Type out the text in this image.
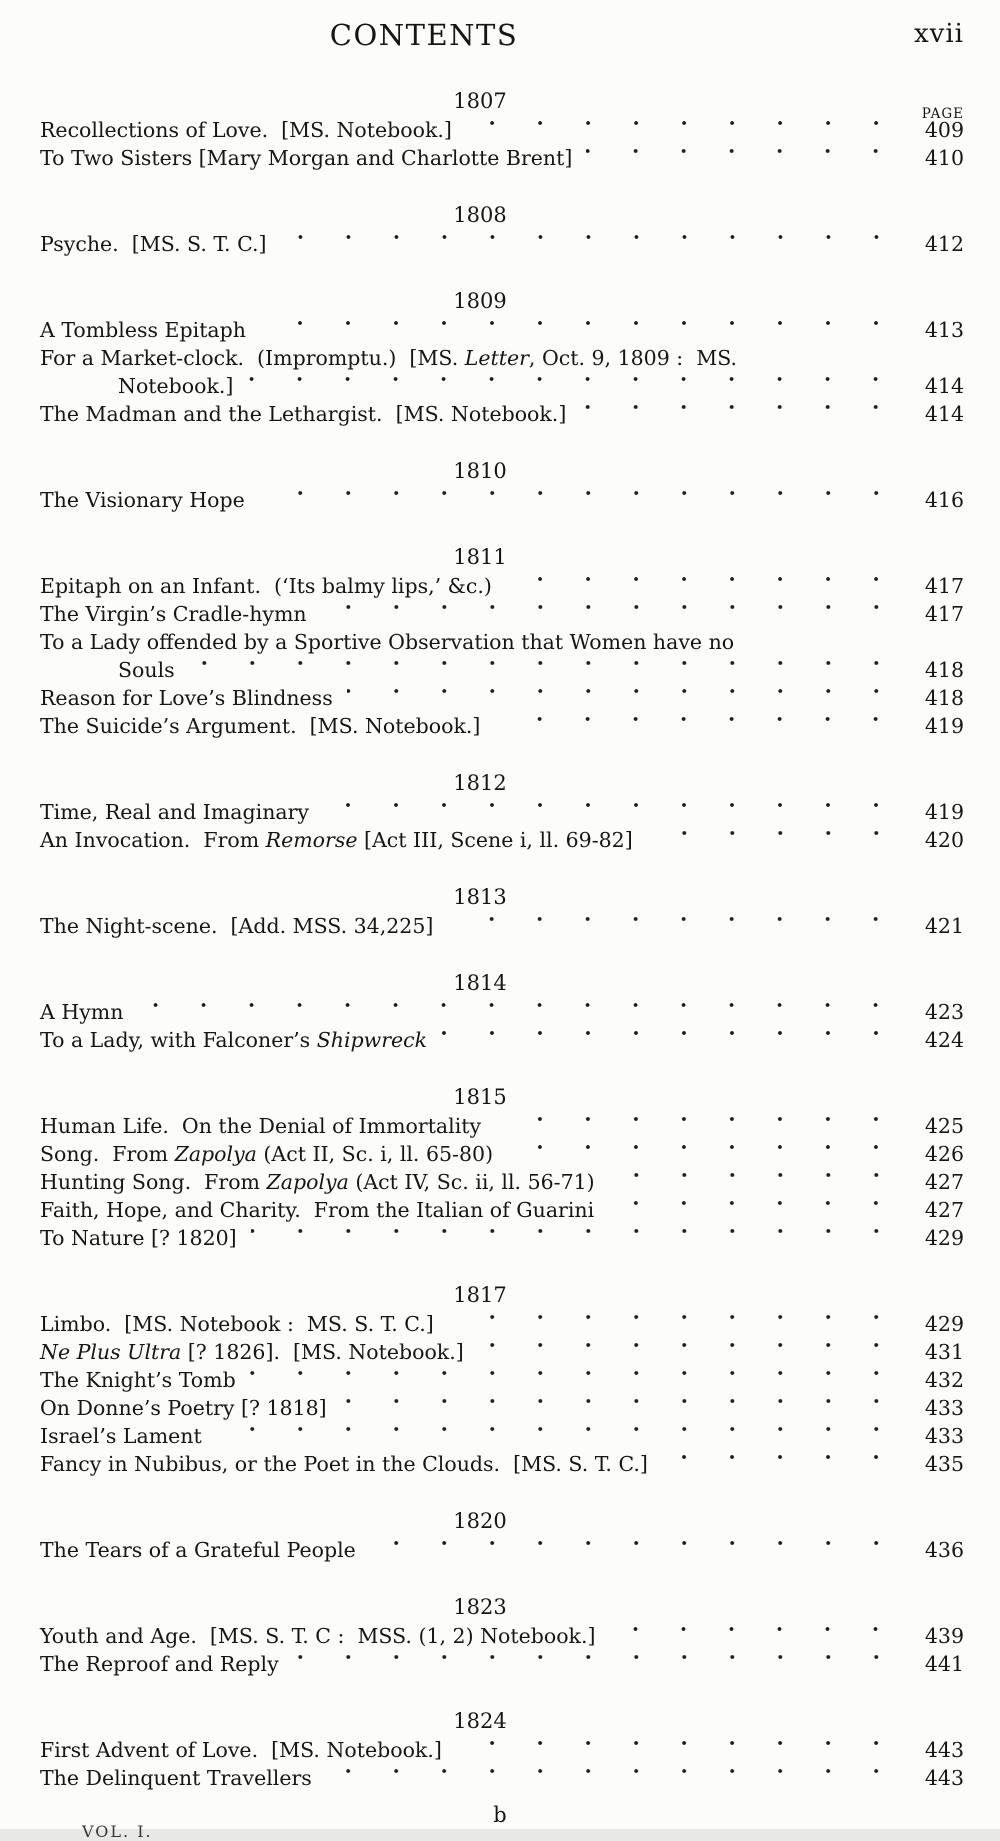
CONTENTS	xvii
PAGE
1807
Recollections of Love.  [MS. Notebook.]	409
To Two Sisters [Mary Morgan and Charlotte Brent]	410
1808
Psyche.  [MS. S. T. C.]	412
1809
A Tombless Epitaph	413
For a Market-clock.  (Impromptu.)  [MS. Letter, Oct. 9, 1809 :  MS.
Notebook.]	414
The Madman and the Lethargist.  [MS. Notebook.]	414
1810
The Visionary Hope	416
1811
Epitaph on an Infant.  (‘Its balmy lips,’ &c.)	417
The Virgin’s Cradle-hymn	417
To a Lady offended by a Sportive Observation that Women have no
Souls	418
Reason for Love’s Blindness	418
The Suicide’s Argument.  [MS. Notebook.]	419
1812
Time, Real and Imaginary	419
An Invocation.  From Remorse [Act III, Scene i, ll. 69-82]	420
1813
The Night-scene.  [Add. MSS. 34,225]	421
1814
A Hymn	423
To a Lady, with Falconer’s Shipwreck	424
1815
Human Life.  On the Denial of Immortality	425
Song.  From Zapolya (Act II, Sc. i, ll. 65-80)	426
Hunting Song.  From Zapolya (Act IV, Sc. ii, ll. 56-71)	427
Faith, Hope, and Charity.  From the Italian of Guarini	427
To Nature [? 1820]	429
1817
Limbo.  [MS. Notebook :  MS. S. T. C.]	429
Ne Plus Ultra [? 1826].  [MS. Notebook.]	431
The Knight’s Tomb	432
On Donne’s Poetry [? 1818]	433
Israel’s Lament	433
Fancy in Nubibus, or the Poet in the Clouds.  [MS. S. T. C.]	435
1820
The Tears of a Grateful People	436
1823
Youth and Age.  [MS. S. T. C :  MSS. (1, 2) Notebook.]	439
The Reproof and Reply	441
1824
First Advent of Love.  [MS. Notebook.]	443
The Delinquent Travellers	443
VOL. I.
b
